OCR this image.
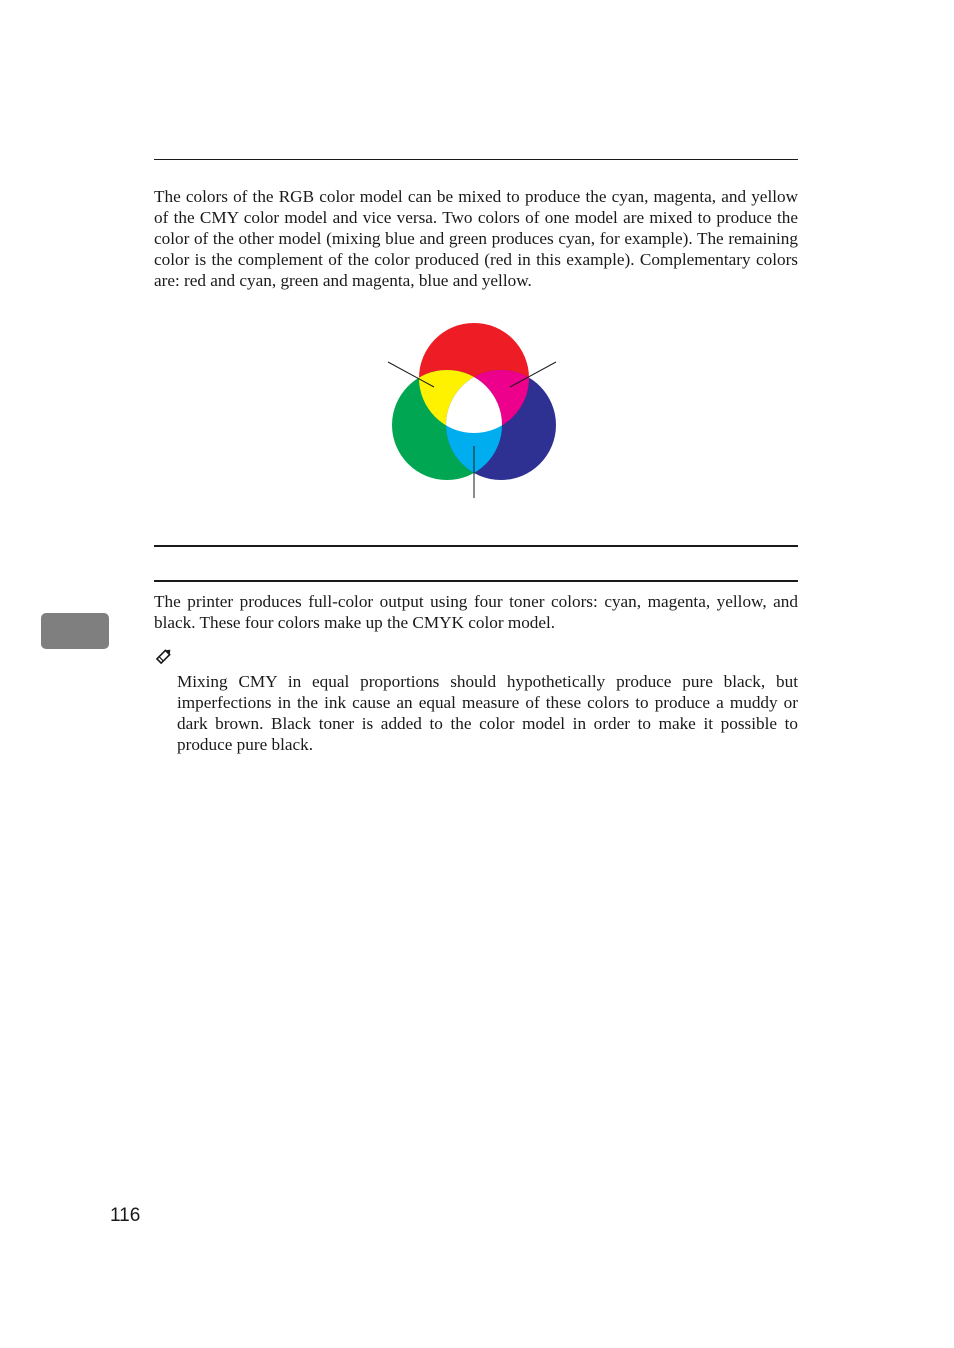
The colors of the RGB color model can be mixed to produce the cyan, magenta, and yellow of the CMY color model and vice versa. Two colors of one model are mixed to produce the color of the other model (mixing blue and green produces cyan, for example). The remaining color is the complement of the color produced (red in this example). Complementary colors are: red and cyan, green and magenta, blue and yellow.

The printer produces full-color output using four toner colors: cyan, magenta, yellow, and black. These four colors make up the CMYK color model.

Mixing CMY in equal proportions should hypothetically produce pure black, but imperfections in the ink cause an equal measure of these colors to produce a muddy or dark brown. Black toner is added to the color model in order to make it possible to produce pure black.

116
